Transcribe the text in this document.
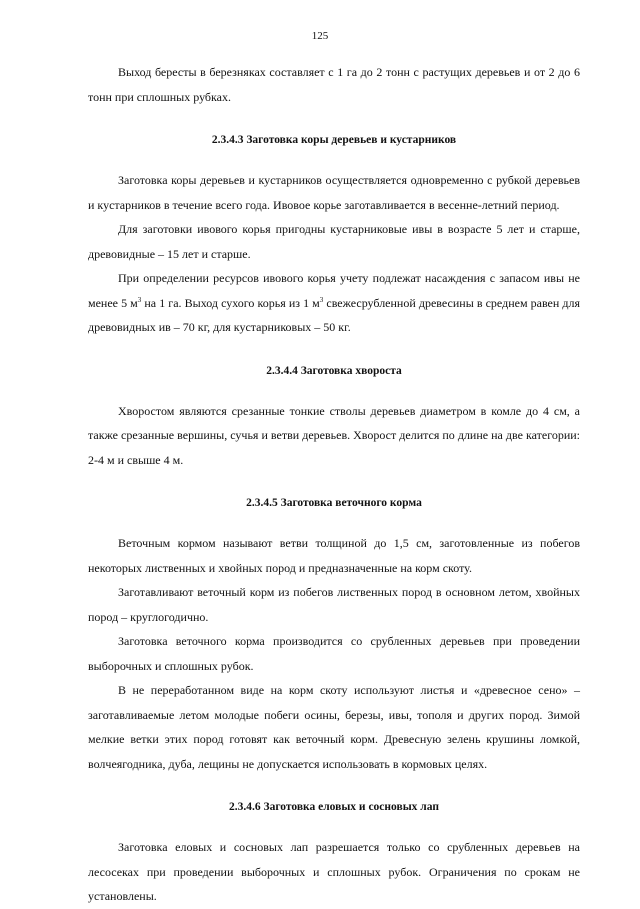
125

Выход бересты в березняках составляет с 1 га до 2 тонн с растущих деревьев и от 2 до 6 тонн при сплошных рубках.

2.3.4.3 Заготовка коры деревьев и кустарников

Заготовка коры деревьев и кустарников осуществляется одновременно с рубкой деревьев и кустарников в течение всего года. Ивовое корье заготавливается в весенне-летний период.

Для заготовки ивового корья пригодны кустарниковые ивы в возрасте 5 лет и старше, древовидные – 15 лет и старше.

При определении ресурсов ивового корья учету подлежат насаждения с запасом ивы не менее 5 $м^3$ на 1 га. Выход сухого корья из 1 $м^3$ свежесрубленной древесины в среднем равен для древовидных ив – 70 кг, для кустарниковых – 50 кг.

2.3.4.4 Заготовка хвороста

Хворостом являются срезанные тонкие стволы деревьев диаметром в комле до 4 см, а также срезанные вершины, сучья и ветви деревьев. Хворост делится по длине на две категории: 2-4 м и свыше 4 м.

2.3.4.5 Заготовка веточного корма

Веточным кормом называют ветви толщиной до 1,5 см, заготовленные из побегов некоторых лиственных и хвойных пород и предназначенные на корм скоту.

Заготавливают веточный корм из побегов лиственных пород в основном летом, хвойных пород – круглогодично.

Заготовка веточного корма производится со срубленных деревьев при проведении выборочных и сплошных рубок.

В не переработанном виде на корм скоту используют листья и «древесное сено» – заготавливаемые летом молодые побеги осины, березы, ивы, тополя и других пород. Зимой мелкие ветки этих пород готовят как веточный корм. Древесную зелень крушины ломкой, волчеягодника, дуба, лещины не допускается использовать в кормовых целях.

2.3.4.6 Заготовка еловых и сосновых лап

Заготовка еловых и сосновых лап разрешается только со срубленных деревьев на лесосеках при проведении выборочных и сплошных рубок. Ограничения по срокам не установлены.
